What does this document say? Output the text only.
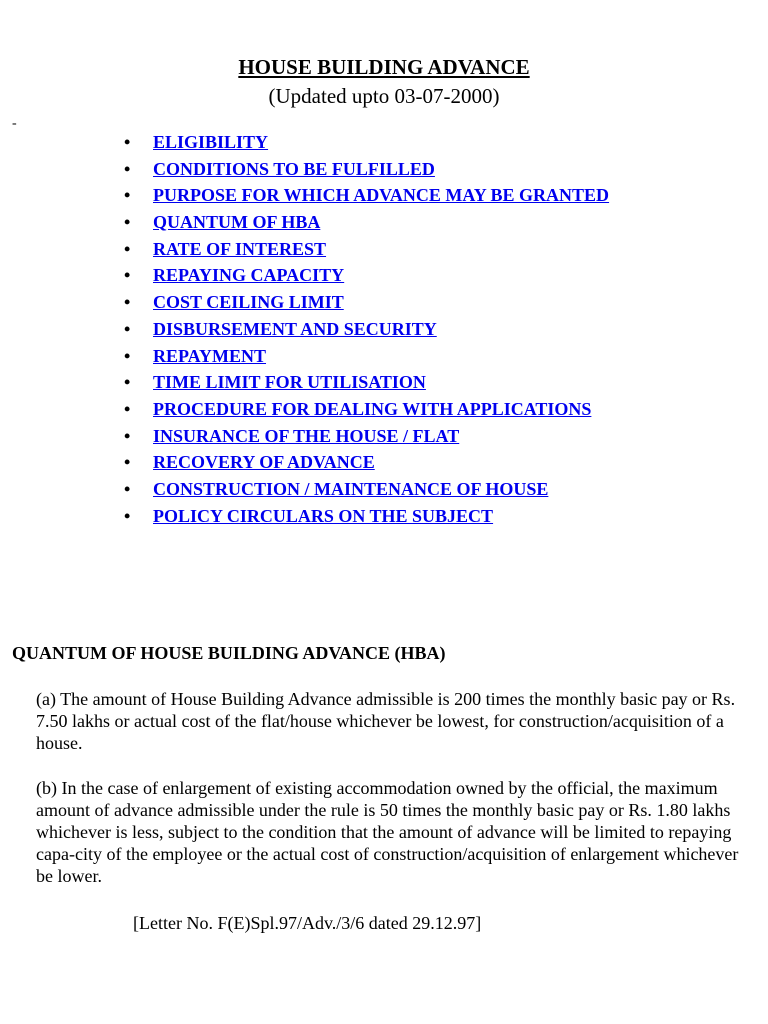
HOUSE BUILDING ADVANCE
(Updated upto 03-07-2000)
-
• ELIGIBILITY
• CONDITIONS TO BE FULFILLED
• PURPOSE FOR WHICH ADVANCE MAY BE GRANTED
• QUANTUM OF HBA
• RATE OF INTEREST
• REPAYING CAPACITY
• COST CEILING LIMIT
• DISBURSEMENT AND SECURITY
• REPAYMENT
• TIME LIMIT FOR UTILISATION
• PROCEDURE FOR DEALING WITH APPLICATIONS
• INSURANCE OF THE HOUSE / FLAT
• RECOVERY OF ADVANCE
• CONSTRUCTION / MAINTENANCE OF HOUSE
• POLICY CIRCULARS ON THE SUBJECT
QUANTUM OF HOUSE BUILDING ADVANCE (HBA)

(a) The amount of House Building Advance admissible is 200 times the monthly basic pay or Rs. 7.50 lakhs or actual cost of the flat/house whichever be lowest, for construction/acquisition of a house.

(b) In the case of enlargement of existing accommodation owned by the official, the maximum amount of advance admissible under the rule is 50 times the monthly basic pay or Rs. 1.80 lakhs whichever is less, subject to the condition that the amount of advance will be limited to repaying capa-city of the employee or the actual cost of construction/acquisition of enlargement whichever be lower.

[Letter No. F(E)Spl.97/Adv./3/6 dated 29.12.97]
